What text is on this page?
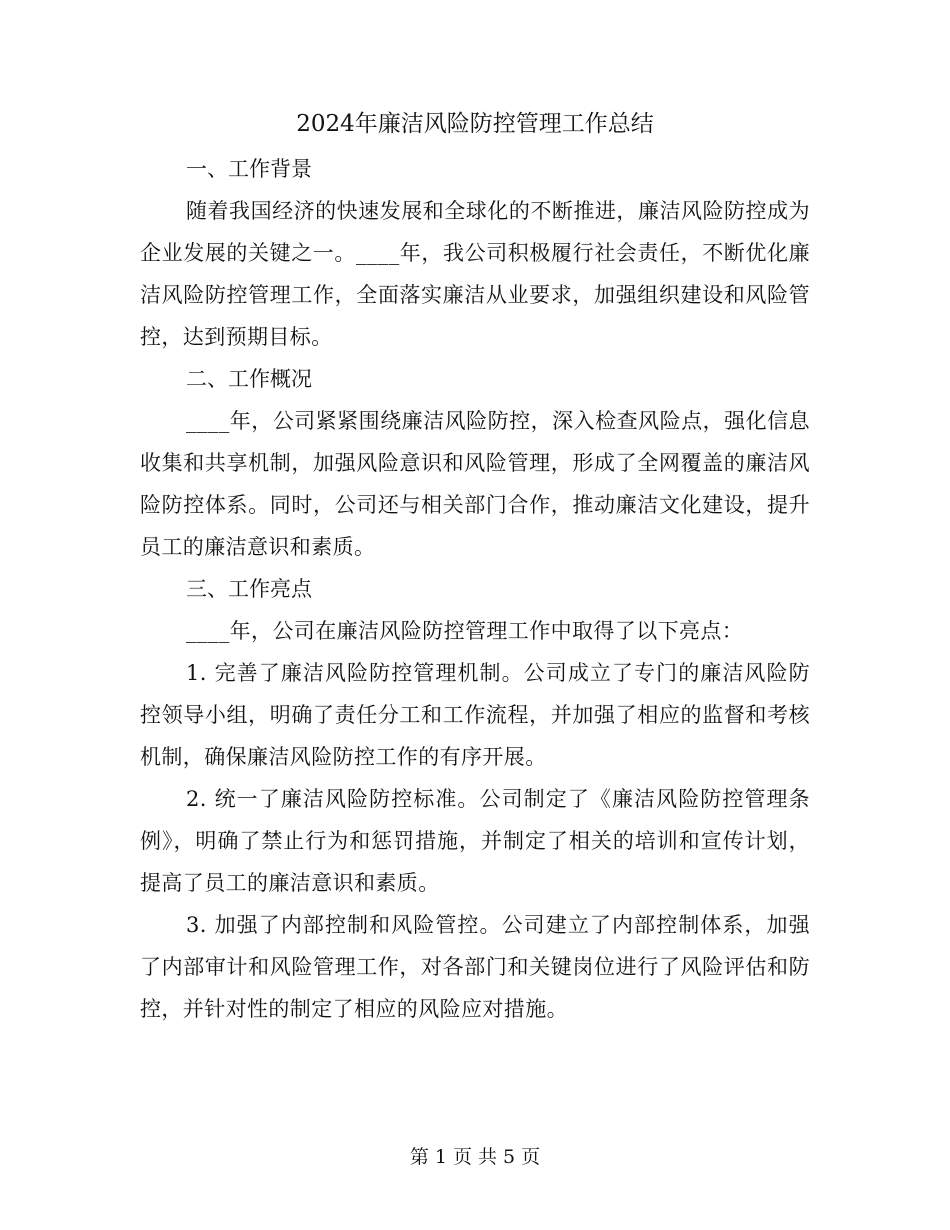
2024年廉洁风险防控管理工作总结

一、工作背景

随着我国经济的快速发展和全球化的不断推进，廉洁风险防控成为企业发展的关键之一。____年，我公司积极履行社会责任，不断优化廉洁风险防控管理工作，全面落实廉洁从业要求，加强组织建设和风险管控，达到预期目标。

二、工作概况

____年，公司紧紧围绕廉洁风险防控，深入检查风险点，强化信息收集和共享机制，加强风险意识和风险管理，形成了全网覆盖的廉洁风险防控体系。同时，公司还与相关部门合作，推动廉洁文化建设，提升员工的廉洁意识和素质。

三、工作亮点

____年，公司在廉洁风险防控管理工作中取得了以下亮点：

1. 完善了廉洁风险防控管理机制。公司成立了专门的廉洁风险防控领导小组，明确了责任分工和工作流程，并加强了相应的监督和考核机制，确保廉洁风险防控工作的有序开展。

2. 统一了廉洁风险防控标准。公司制定了《廉洁风险防控管理条例》，明确了禁止行为和惩罚措施，并制定了相关的培训和宣传计划，提高了员工的廉洁意识和素质。

3. 加强了内部控制和风险管控。公司建立了内部控制体系，加强了内部审计和风险管理工作，对各部门和关键岗位进行了风险评估和防控，并针对性的制定了相应的风险应对措施。

第 1 页 共 5 页
